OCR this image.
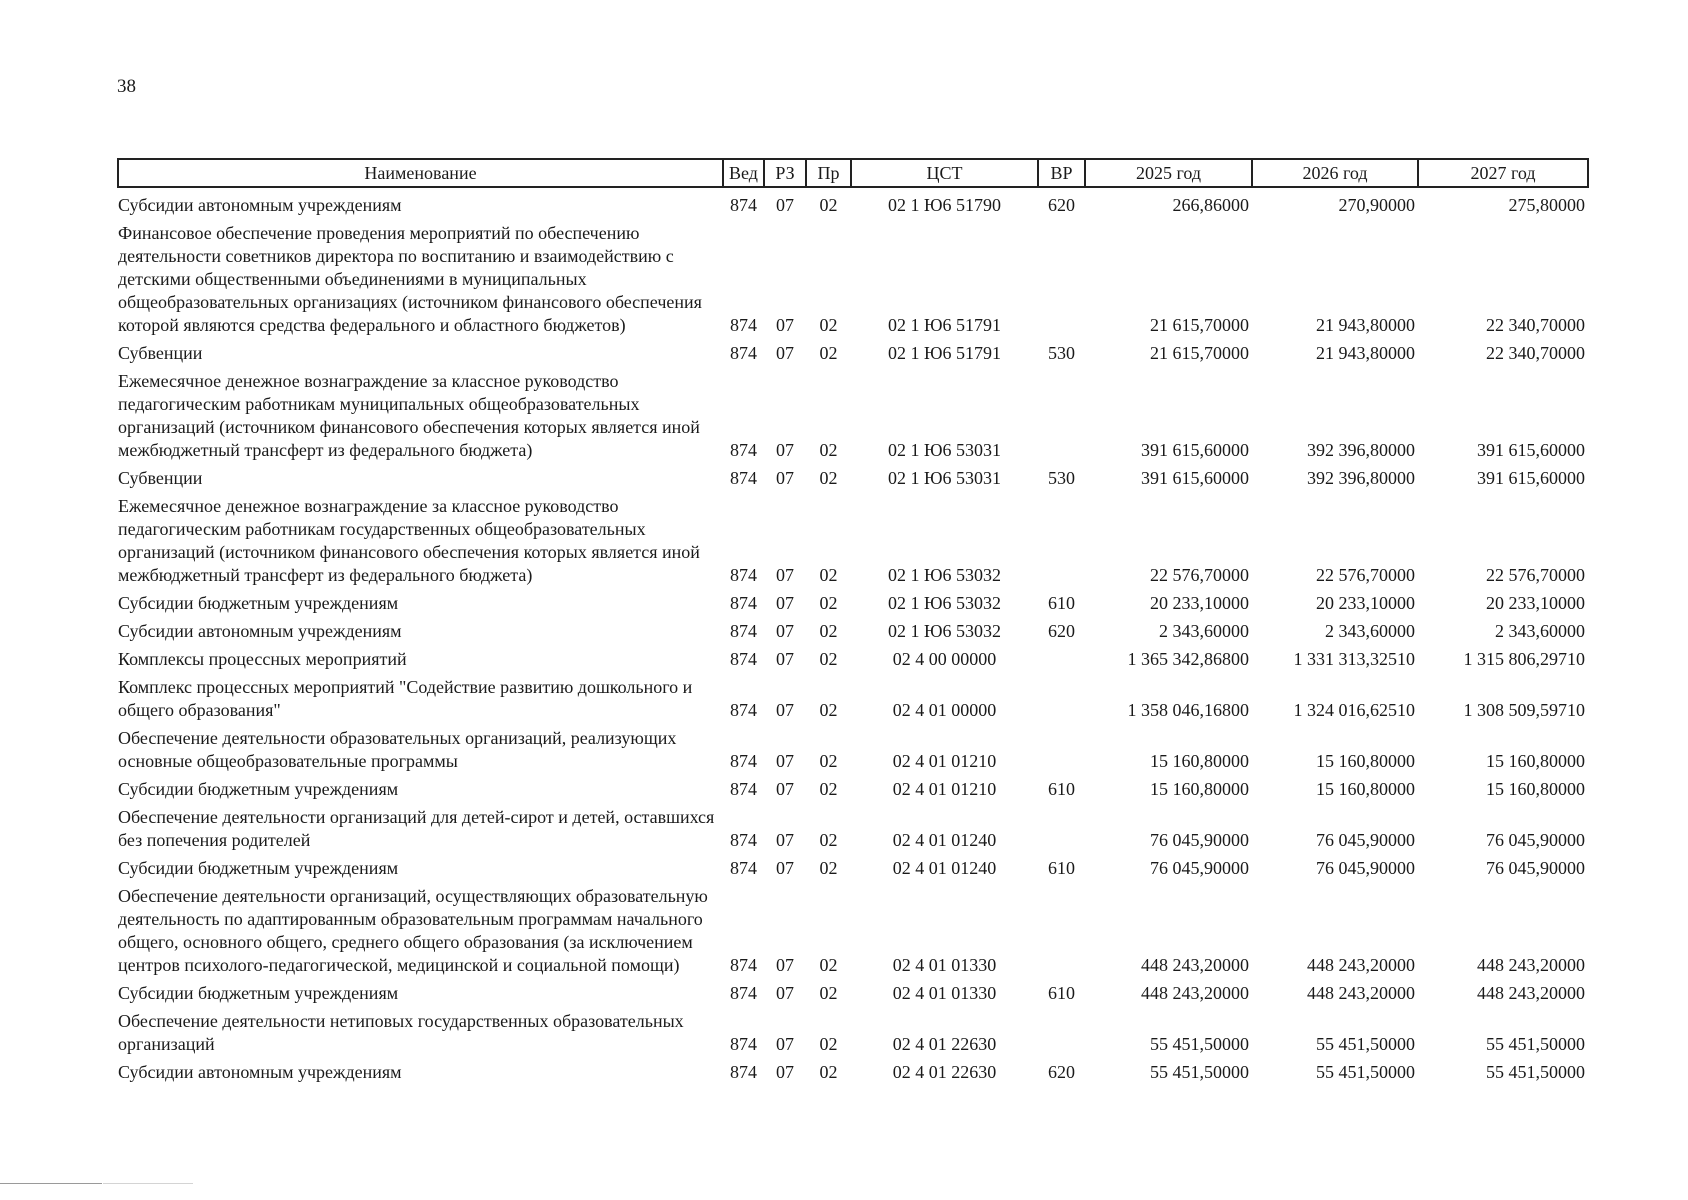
38
Наименование	Вед	РЗ	Пр	ЦСТ	ВР	2025 год	2026 год	2027 год
Субсидии автономным учреждениям	874	07	02	02 1 Ю6 51790	620	266,86000	270,90000	275,80000
Финансовое обеспечение проведения мероприятий по обеспечению деятельности советников директора по воспитанию и взаимодействию с детскими общественными объединениями в муниципальных общеобразовательных организациях (источником финансового обеспечения которой являются средства федерального и областного бюджетов)	874	07	02	02 1 Ю6 51791		21 615,70000	21 943,80000	22 340,70000
Субвенции	874	07	02	02 1 Ю6 51791	530	21 615,70000	21 943,80000	22 340,70000
Ежемесячное денежное вознаграждение за классное руководство педагогическим работникам муниципальных общеобразовательных организаций (источником финансового обеспечения которых является иной межбюджетный трансферт из федерального бюджета)	874	07	02	02 1 Ю6 53031		391 615,60000	392 396,80000	391 615,60000
Субвенции	874	07	02	02 1 Ю6 53031	530	391 615,60000	392 396,80000	391 615,60000
Ежемесячное денежное вознаграждение за классное руководство педагогическим работникам государственных общеобразовательных организаций (источником финансового обеспечения которых является иной межбюджетный трансферт из федерального бюджета)	874	07	02	02 1 Ю6 53032		22 576,70000	22 576,70000	22 576,70000
Субсидии бюджетным учреждениям	874	07	02	02 1 Ю6 53032	610	20 233,10000	20 233,10000	20 233,10000
Субсидии автономным учреждениям	874	07	02	02 1 Ю6 53032	620	2 343,60000	2 343,60000	2 343,60000
Комплексы процессных мероприятий	874	07	02	02 4 00 00000		1 365 342,86800	1 331 313,32510	1 315 806,29710
Комплекс процессных мероприятий "Содействие развитию дошкольного и общего образования"	874	07	02	02 4 01 00000		1 358 046,16800	1 324 016,62510	1 308 509,59710
Обеспечение деятельности образовательных организаций, реализующих основные общеобразовательные программы	874	07	02	02 4 01 01210		15 160,80000	15 160,80000	15 160,80000
Субсидии бюджетным учреждениям	874	07	02	02 4 01 01210	610	15 160,80000	15 160,80000	15 160,80000
Обеспечение деятельности организаций для детей-сирот и детей, оставшихся без попечения родителей	874	07	02	02 4 01 01240		76 045,90000	76 045,90000	76 045,90000
Субсидии бюджетным учреждениям	874	07	02	02 4 01 01240	610	76 045,90000	76 045,90000	76 045,90000
Обеспечение деятельности организаций, осуществляющих образовательную деятельность по адаптированным образовательным программам начального общего, основного общего, среднего общего образования (за исключением центров психолого-педагогической, медицинской и социальной помощи)	874	07	02	02 4 01 01330		448 243,20000	448 243,20000	448 243,20000
Субсидии бюджетным учреждениям	874	07	02	02 4 01 01330	610	448 243,20000	448 243,20000	448 243,20000
Обеспечение деятельности нетиповых государственных образовательных организаций	874	07	02	02 4 01 22630		55 451,50000	55 451,50000	55 451,50000
Субсидии автономным учреждениям	874	07	02	02 4 01 22630	620	55 451,50000	55 451,50000	55 451,50000
